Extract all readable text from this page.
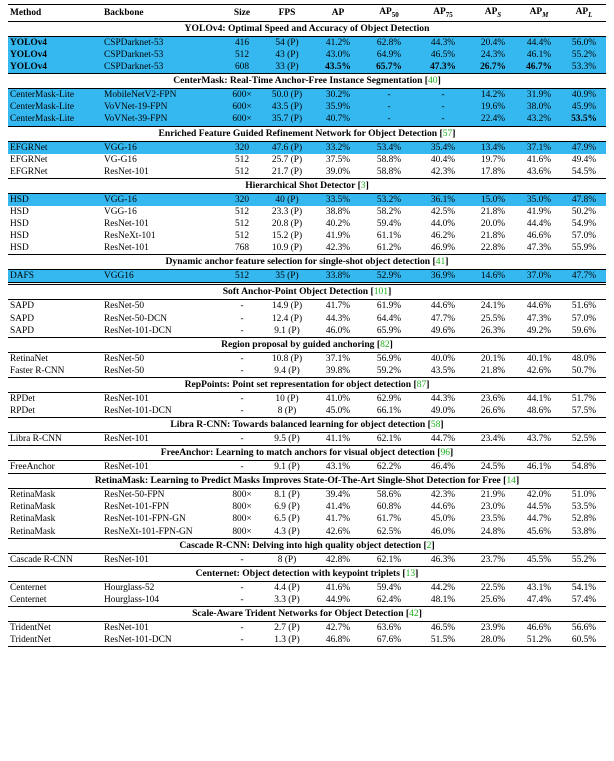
Method	Backbone	Size	FPS	AP	$AP_{50}$	$AP_{75}$	$AP_S$	$AP_M$	$AP_L$
YOLOv4: Optimal Speed and Accuracy of Object Detection									
YOLOv4	CSPDarknet-53	416	54 (P)	41.2%	62.8%	44.3%	20.4%	44.4%	56.0%
YOLOv4	CSPDarknet-53	512	43 (P)	43.0%	64.9%	46.5%	24.3%	46.1%	55.2%
YOLOv4	CSPDarknet-53	608	33 (P)	43.5%	65.7%	47.3%	26.7%	46.7%	53.3%
CenterMask: Real-Time Anchor-Free Instance Segmentation [40]									
CenterMask-Lite	MobileNetV2-FPN	600×	50.0 (P)	30.2%	-	-	14.2%	31.9%	40.9%
CenterMask-Lite	VoVNet-19-FPN	600×	43.5 (P)	35.9%	-	-	19.6%	38.0%	45.9%
CenterMask-Lite	VoVNet-39-FPN	600×	35.7 (P)	40.7%	-	-	22.4%	43.2%	53.5%
Enriched Feature Guided Refinement Network for Object Detection [57]									
EFGRNet	VGG-16	320	47.6 (P)	33.2%	53.4%	35.4%	13.4%	37.1%	47.9%
EFGRNet	VG-G16	512	25.7 (P)	37.5%	58.8%	40.4%	19.7%	41.6%	49.4%
EFGRNet	ResNet-101	512	21.7 (P)	39.0%	58.8%	42.3%	17.8%	43.6%	54.5%
Hierarchical Shot Detector [3]									
HSD	VGG-16	320	40 (P)	33.5%	53.2%	36.1%	15.0%	35.0%	47.8%
HSD	VGG-16	512	23.3 (P)	38.8%	58.2%	42.5%	21.8%	41.9%	50.2%
HSD	ResNet-101	512	20.8 (P)	40.2%	59.4%	44.0%	20.0%	44.4%	54.9%
HSD	ResNeXt-101	512	15.2 (P)	41.9%	61.1%	46.2%	21.8%	46.6%	57.0%
HSD	ResNet-101	768	10.9 (P)	42.3%	61.2%	46.9%	22.8%	47.3%	55.9%
Dynamic anchor feature selection for single-shot object detection [41]									
DAFS	VGG16	512	35 (P)	33.8%	52.9%	36.9%	14.6%	37.0%	47.7%
Soft Anchor-Point Object Detection [101]									
SAPD	ResNet-50	-	14.9 (P)	41.7%	61.9%	44.6%	24.1%	44.6%	51.6%
SAPD	ResNet-50-DCN	-	12.4 (P)	44.3%	64.4%	47.7%	25.5%	47.3%	57.0%
SAPD	ResNet-101-DCN	-	9.1 (P)	46.0%	65.9%	49.6%	26.3%	49.2%	59.6%
Region proposal by guided anchoring [82]									
RetinaNet	ResNet-50	-	10.8 (P)	37.1%	56.9%	40.0%	20.1%	40.1%	48.0%
Faster R-CNN	ResNet-50	-	9.4 (P)	39.8%	59.2%	43.5%	21.8%	42.6%	50.7%
RepPoints: Point set representation for object detection [87]									
RPDet	ResNet-101	-	10 (P)	41.0%	62.9%	44.3%	23.6%	44.1%	51.7%
RPDet	ResNet-101-DCN	-	8 (P)	45.0%	66.1%	49.0%	26.6%	48.6%	57.5%
Libra R-CNN: Towards balanced learning for object detection [58]									
Libra R-CNN	ResNet-101	-	9.5 (P)	41.1%	62.1%	44.7%	23.4%	43.7%	52.5%
FreeAnchor: Learning to match anchors for visual object detection [96]									
FreeAnchor	ResNet-101	-	9.1 (P)	43.1%	62.2%	46.4%	24.5%	46.1%	54.8%
RetinaMask: Learning to Predict Masks Improves State-Of-The-Art Single-Shot Detection for Free [14]									
RetinaMask	ResNet-50-FPN	800×	8.1 (P)	39.4%	58.6%	42.3%	21.9%	42.0%	51.0%
RetinaMask	ResNet-101-FPN	800×	6.9 (P)	41.4%	60.8%	44.6%	23.0%	44.5%	53.5%
RetinaMask	ResNet-101-FPN-GN	800×	6.5 (P)	41.7%	61.7%	45.0%	23.5%	44.7%	52.8%
RetinaMask	ResNeXt-101-FPN-GN	800×	4.3 (P)	42.6%	62.5%	46.0%	24.8%	45.6%	53.8%
Cascade R-CNN: Delving into high quality object detection [2]									
Cascade R-CNN	ResNet-101	-	8 (P)	42.8%	62.1%	46.3%	23.7%	45.5%	55.2%
Centernet: Object detection with keypoint triplets [13]									
Centernet	Hourglass-52	-	4.4 (P)	41.6%	59.4%	44.2%	22.5%	43.1%	54.1%
Centernet	Hourglass-104	-	3.3 (P)	44.9%	62.4%	48.1%	25.6%	47.4%	57.4%
Scale-Aware Trident Networks for Object Detection [42]									
TridentNet	ResNet-101	-	2.7 (P)	42.7%	63.6%	46.5%	23.9%	46.6%	56.6%
TridentNet	ResNet-101-DCN	-	1.3 (P)	46.8%	67.6%	51.5%	28.0%	51.2%	60.5%
